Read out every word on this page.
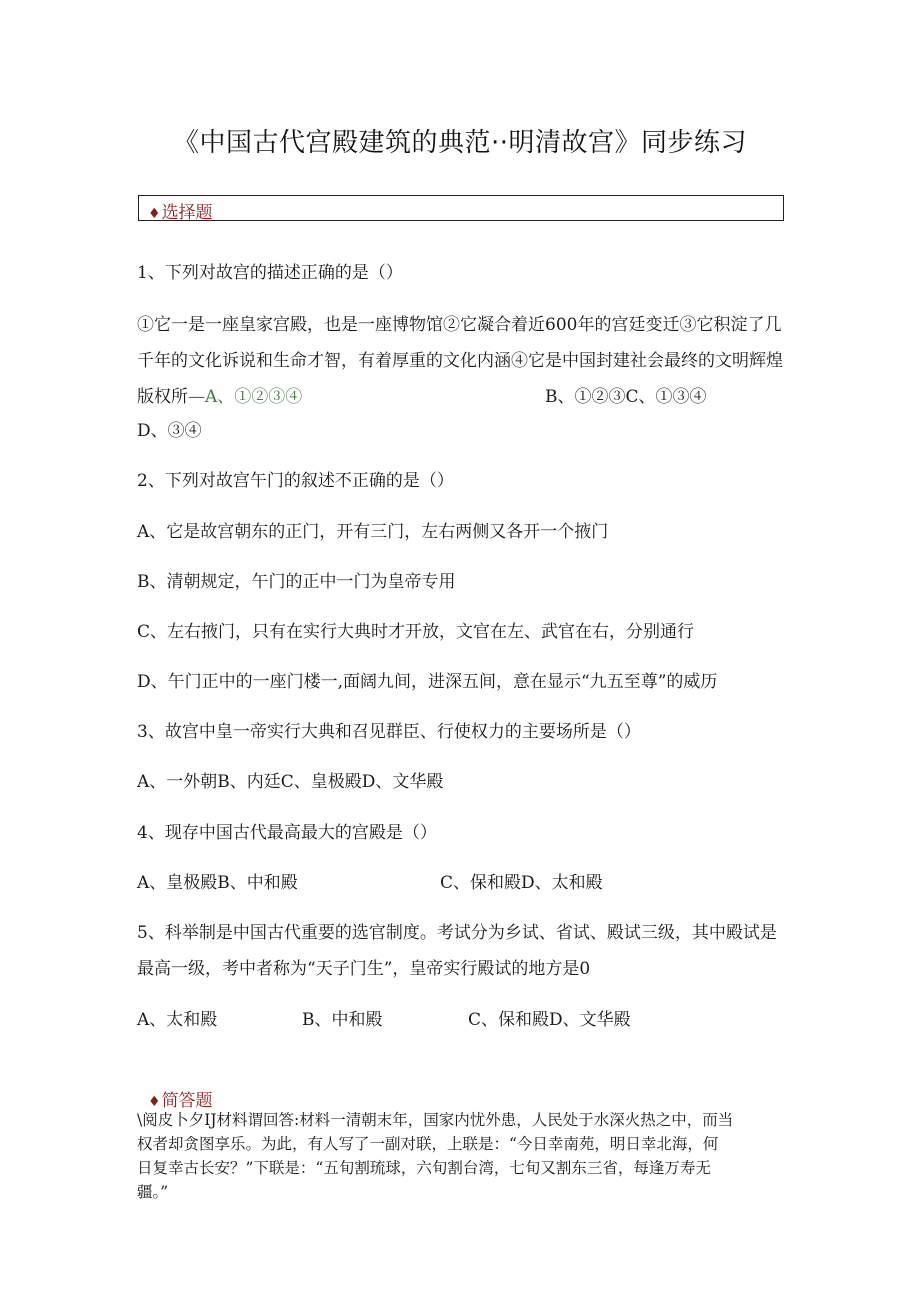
《中国古代宫殿建筑的典范··明清故宫》同步练习
♦选择题
1、下列对故宫的描述正确的是（）
①它一是一座皇家宫殿，也是一座博物馆②它凝合着近600年的宫廷变迁③它积淀了几
千年的文化诉说和生命才智，有着厚重的文化内涵④它是中国封建社会最终的文明辉煌
版权所—A、①②③④	B、①②③C、①③④
D、③④
2、下列对故宫午门的叙述不正确的是（）
A、它是故宫朝东的正门，开有三门，左右两侧又各开一个掖门
B、清朝规定，午门的正中一门为皇帝专用
C、左右掖门，只有在实行大典时才开放，文官在左、武官在右，分别通行
D、午门正中的一座门楼一,面阔九间，进深五间，意在显示“九五至尊”的威历
3、故宫中皇一帝实行大典和召见群臣、行使权力的主要场所是（）
A、一外朝B、内廷C、皇极殿D、文华殿
4、现存中国古代最高最大的宫殿是（）
A、皇极殿B、中和殿	C、保和殿D、太和殿
5、科举制是中国古代重要的选官制度。考试分为乡试、省试、殿试三级，其中殿试是
最高一级，考中者称为“天子门生”，皇帝实行殿试的地方是0
A、太和殿	B、中和殿	C、保和殿D、文华殿
♦简答题
\阅皮卜夕IJ材料谓回答:材料一清朝末年，国家内忧外患，人民处于水深火热之中，而当
权者却贪图享乐。为此，有人写了一副对联，上联是：“今日幸南苑，明日幸北海，何
日复幸古长安？”下联是：“五旬割琉球，六旬割台湾，七旬又割东三省，每逢万寿无
疆。”
